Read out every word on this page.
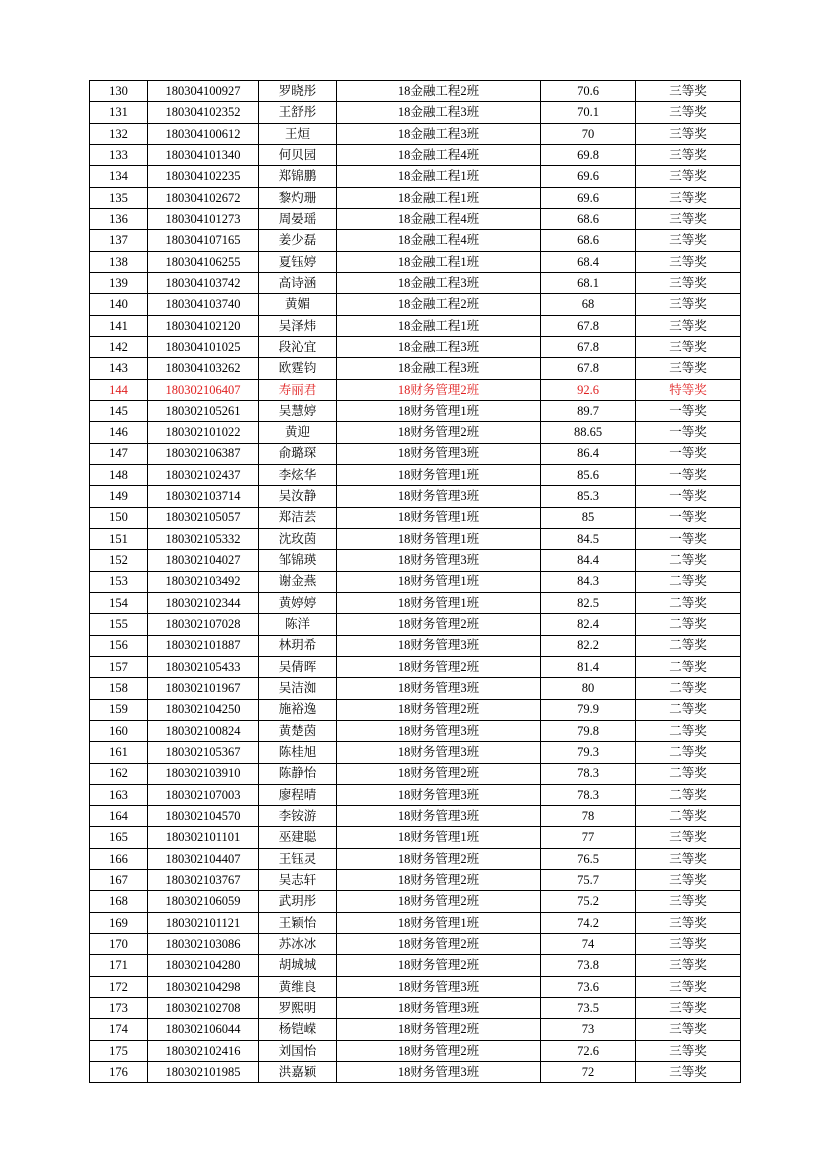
130	180304100927	罗晓彤	18金融工程2班	70.6	三等奖
131	180304102352	王舒彤	18金融工程3班	70.1	三等奖
132	180304100612	王烜	18金融工程3班	70	三等奖
133	180304101340	何贝园	18金融工程4班	69.8	三等奖
134	180304102235	郑锦鹏	18金融工程1班	69.6	三等奖
135	180304102672	黎灼珊	18金融工程1班	69.6	三等奖
136	180304101273	周晏瑶	18金融工程4班	68.6	三等奖
137	180304107165	姜少磊	18金融工程4班	68.6	三等奖
138	180304106255	夏钰婷	18金融工程1班	68.4	三等奖
139	180304103742	高诗涵	18金融工程3班	68.1	三等奖
140	180304103740	黄媚	18金融工程2班	68	三等奖
141	180304102120	吴泽炜	18金融工程1班	67.8	三等奖
142	180304101025	段沁宜	18金融工程3班	67.8	三等奖
143	180304103262	欧霆钧	18金融工程3班	67.8	三等奖
144	180302106407	寿丽君	18财务管理2班	92.6	特等奖
145	180302105261	吴慧婷	18财务管理1班	89.7	一等奖
146	180302101022	黄迎	18财务管理2班	88.65	一等奖
147	180302106387	俞璐琛	18财务管理3班	86.4	一等奖
148	180302102437	李炫华	18财务管理1班	85.6	一等奖
149	180302103714	吴汝静	18财务管理3班	85.3	一等奖
150	180302105057	郑洁芸	18财务管理1班	85	一等奖
151	180302105332	沈玫茵	18财务管理1班	84.5	一等奖
152	180302104027	邹锦瑛	18财务管理3班	84.4	二等奖
153	180302103492	谢金燕	18财务管理1班	84.3	二等奖
154	180302102344	黄婷婷	18财务管理1班	82.5	二等奖
155	180302107028	陈洋	18财务管理2班	82.4	二等奖
156	180302101887	林玥希	18财务管理3班	82.2	二等奖
157	180302105433	吴倩晖	18财务管理2班	81.4	二等奖
158	180302101967	吴洁洳	18财务管理3班	80	二等奖
159	180302104250	施裕逸	18财务管理2班	79.9	二等奖
160	180302100824	黄楚茵	18财务管理3班	79.8	二等奖
161	180302105367	陈桂旭	18财务管理3班	79.3	二等奖
162	180302103910	陈静怡	18财务管理2班	78.3	二等奖
163	180302107003	廖程晴	18财务管理3班	78.3	二等奖
164	180302104570	李铵游	18财务管理3班	78	二等奖
165	180302101101	巫建聪	18财务管理1班	77	三等奖
166	180302104407	王钰灵	18财务管理2班	76.5	三等奖
167	180302103767	吴志轩	18财务管理2班	75.7	三等奖
168	180302106059	武玥彤	18财务管理2班	75.2	三等奖
169	180302101121	王颖怡	18财务管理1班	74.2	三等奖
170	180302103086	苏冰冰	18财务管理2班	74	三等奖
171	180302104280	胡城城	18财务管理2班	73.8	三等奖
172	180302104298	黄维良	18财务管理3班	73.6	三等奖
173	180302102708	罗熙明	18财务管理3班	73.5	三等奖
174	180302106044	杨铠嵘	18财务管理2班	73	三等奖
175	180302102416	刘国怡	18财务管理2班	72.6	三等奖
176	180302101985	洪嘉颖	18财务管理3班	72	三等奖
